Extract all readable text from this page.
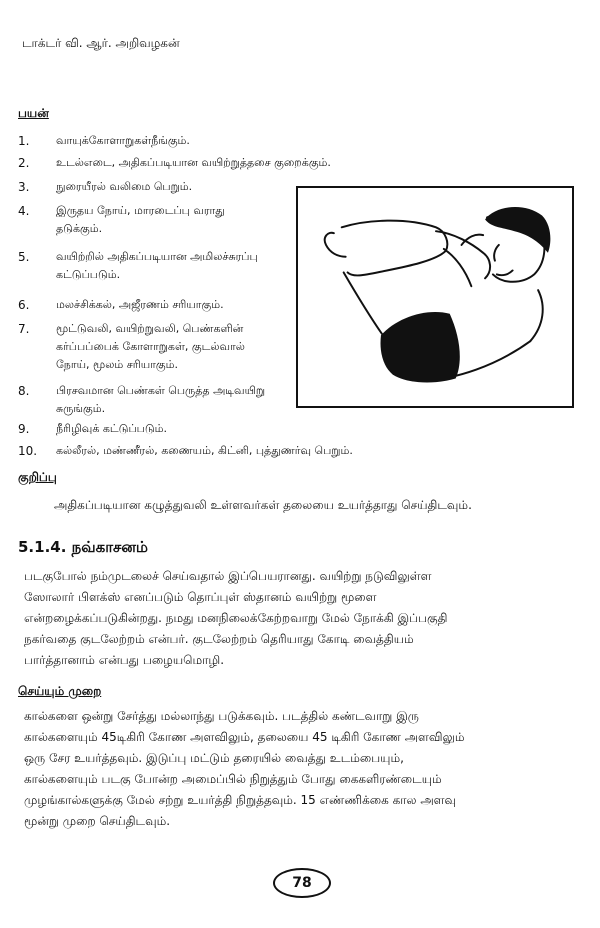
டாக்டர் வி. ஆர். அறிவழகன்
பயன்
1.	வாயுக்கோளாறுகள்நீங்கும்.
2.	உடல்எடை, அதிகப்படியான வயிற்றுத்தசை குறைக்கும்.
3.	நுரையீரல் வலிமை பெறும்.
4.	இருதய நோய், மாரடைப்பு வராது
தடுக்கும்.
5.	வயிற்றில் அதிகப்படியான அமிலச்சுரப்பு
கட்டுப்படும்.
6.	மலச்சிக்கல், அஜீரணம் சரியாகும்.
7.	மூட்டுவலி, வயிற்றுவலி, பெண்களின்
கர்ப்பப்பைக் கோளாறுகள், குடல்வால்
நோய், மூலம் சரியாகும்.
8.	பிரசவமான பெண்கள் பெருத்த அடிவயிறு
சுருங்கும்.
9.	நீரிழிவுக் கட்டுப்படும்.
10.	கல்லீரல், மண்ணீரல், கணையம், கிட்னி, புத்துணர்வு பெறும்.
குறிப்பு
அதிகப்படியான கழுத்துவலி உள்ளவர்கள் தலையை உயர்த்தாது செய்திடவும்.
5.1.4. நவ்காசனம்
படகுபோல் நம்முடலைச் செய்வதால் இப்பெயரானது. வயிற்று நடுவிலுள்ள
ஸோலார் பிளக்ஸ் எனப்படும் தொப்புள் ஸ்தானம் வயிற்று மூளை
என்றழைக்கப்படுகின்றது. நமது மனநிலைக்கேற்றவாறு மேல் நோக்கி இப்பகுதி
நகர்வதை குடலேற்றம் என்பர். குடலேற்றம் தெரியாது கோடி வைத்தியம்
பார்த்தானாம் என்பது பழையமொழி.
செய்யும் முறை
கால்களை ஒன்று சேர்த்து மல்லாந்து படுக்கவும். படத்தில் கண்டவாறு இரு
கால்களையும் 45டிகிரி கோண அளவிலும், தலையை 45 டிகிரி கோண அளவிலும்
ஒரு சேர உயர்த்தவும். இடுப்பு மட்டும் தரையில் வைத்து உடம்பையும்,
கால்களையும் படகு போன்ற அமைப்பில் நிறுத்தும் போது கைகளிரண்டையும்
முழங்கால்களுக்கு மேல் சற்று உயர்த்தி நிறுத்தவும். 15 எண்ணிக்கை கால அளவு
மூன்று முறை செய்திடவும்.
78
